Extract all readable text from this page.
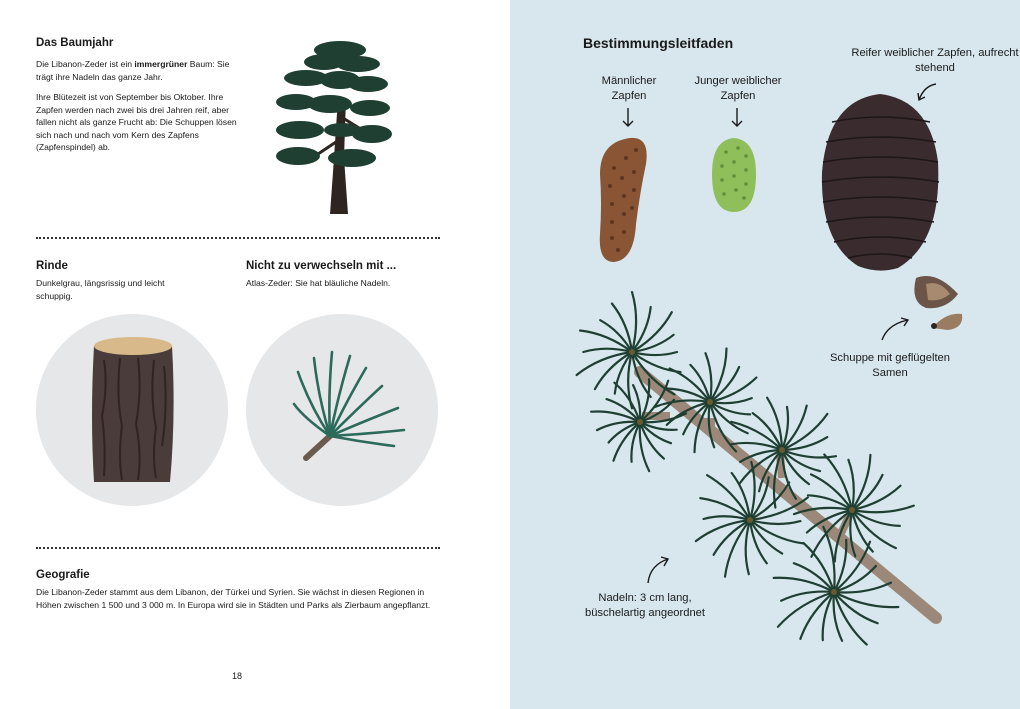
Das Baumjahr

Die Libanon-Zeder ist ein immergrüner Baum: Sie trägt ihre Nadeln das ganze Jahr.

Ihre Blütezeit ist von September bis Oktober. Ihre Zapfen werden nach zwei bis drei Jahren reif, aber fallen nicht als ganze Frucht ab: Die Schuppen lösen sich nach und nach vom Kern des Zapfens (Zapfenspindel) ab.

Rinde

Dunkelgrau, längsrissig und leicht schuppig.

Nicht zu verwechseln mit ...

Atlas-Zeder: Sie hat bläuliche Nadeln.

Geografie

Die Libanon-Zeder stammt aus dem Libanon, der Türkei und Syrien. Sie wächst in diesen Regionen in Höhen zwischen 1 500 und 3 000 m. In Europa wird sie in Städten und Parks als Zierbaum angepflanzt.

18
Bestimmungsleitfaden
Männlicher Zapfen
Junger weiblicher Zapfen
Reifer weiblicher Zapfen, aufrecht stehend
Schuppe mit geflügelten Samen
Nadeln: 3 cm lang, büschelartig angeordnet
